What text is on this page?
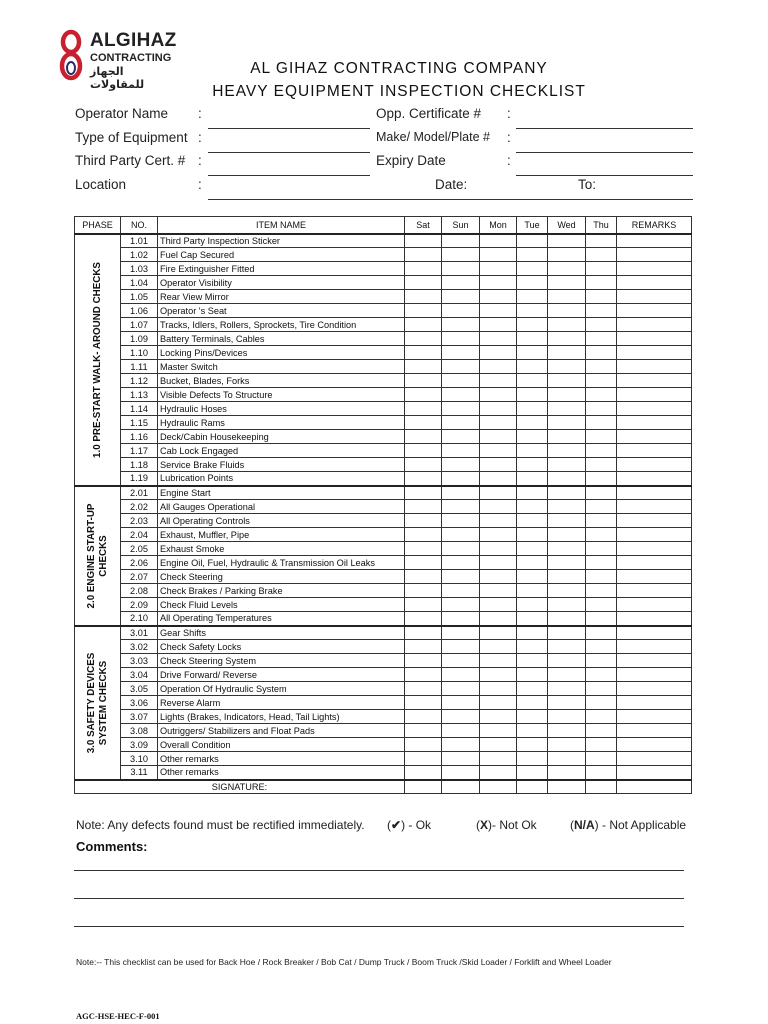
ALGIHAZ
CONTRACTING
الجهاز للمقاولات
AL GIHAZ CONTRACTING COMPANY
HEAVY EQUIPMENT INSPECTION CHECKLIST
Operator Name :	Opp. Certificate # :
Type of Equipment :	Make/ Model/Plate # :
Third Party Cert. # :	Expiry Date	:
Location	:	Date:	To:
PHASE	NO.	ITEM NAME	Sat	Sun	Mon	Tue	Wed	Thu	REMARKS

1.0 PRE-START WALK- AROUND CHECKS	1.01	Third Party Inspection Sticker							
	1.02	Fuel Cap Secured							
	1.03	Fire Extinguisher Fitted							
	1.04	Operator Visibility							
	1.05	Rear View Mirror							
	1.06	Operator 's Seat							
	1.07	Tracks, Idlers, Rollers, Sprockets, Tire Condition							
	1.09	Battery Terminals, Cables							
	1.10	Locking Pins/Devices							
	1.11	Master Switch							
	1.12	Bucket, Blades, Forks							
	1.13	Visible Defects To Structure							
	1.14	Hydraulic Hoses							
	1.15	Hydraulic Rams							
	1.16	Deck/Cabin Housekeeping							
	1.17	Cab Lock Engaged							
	1.18	Service Brake Fluids							
	1.19	Lubrication Points							

2.0 ENGINE START-UP
CHECKS	2.01	Engine Start							
	2.02	All Gauges Operational							
	2.03	All Operating Controls							
	2.04	Exhaust, Muffler, Pipe							
	2.05	Exhaust Smoke							
	2.06	Engine Oil, Fuel, Hydraulic & Transmission Oil Leaks							
	2.07	Check Steering							
	2.08	Check Brakes / Parking Brake							
	2.09	Check Fluid Levels							
	2.10	All Operating Temperatures							

3.0 SAFETY DEVICES
SYSTEM CHECKS	3.01	Gear Shifts							
	3.02	Check Safety Locks							
	3.03	Check Steering System							
	3.04	Drive Forward/ Reverse							
	3.05	Operation Of Hydraulic System							
	3.06	Reverse Alarm							
	3.07	Lights (Brakes, Indicators, Head, Tail Lights)							
	3.08	Outriggers/ Stabilizers and Float Pads							
	3.09	Overall Condition							
	3.10	Other remarks							
	3.11	Other remarks							
SIGNATURE:									
Note: Any defects found must be rectified immediately. (✔) - Ok	(X)- Not Ok	(N/A) - Not Applicable
Comments:
Note:-- This checklist can be used for Back Hoe / Rock Breaker / Bob Cat / Dump Truck / Boom Truck /Skid Loader / Forklift and Wheel Loader
AGC-HSE-HEC-F-001
